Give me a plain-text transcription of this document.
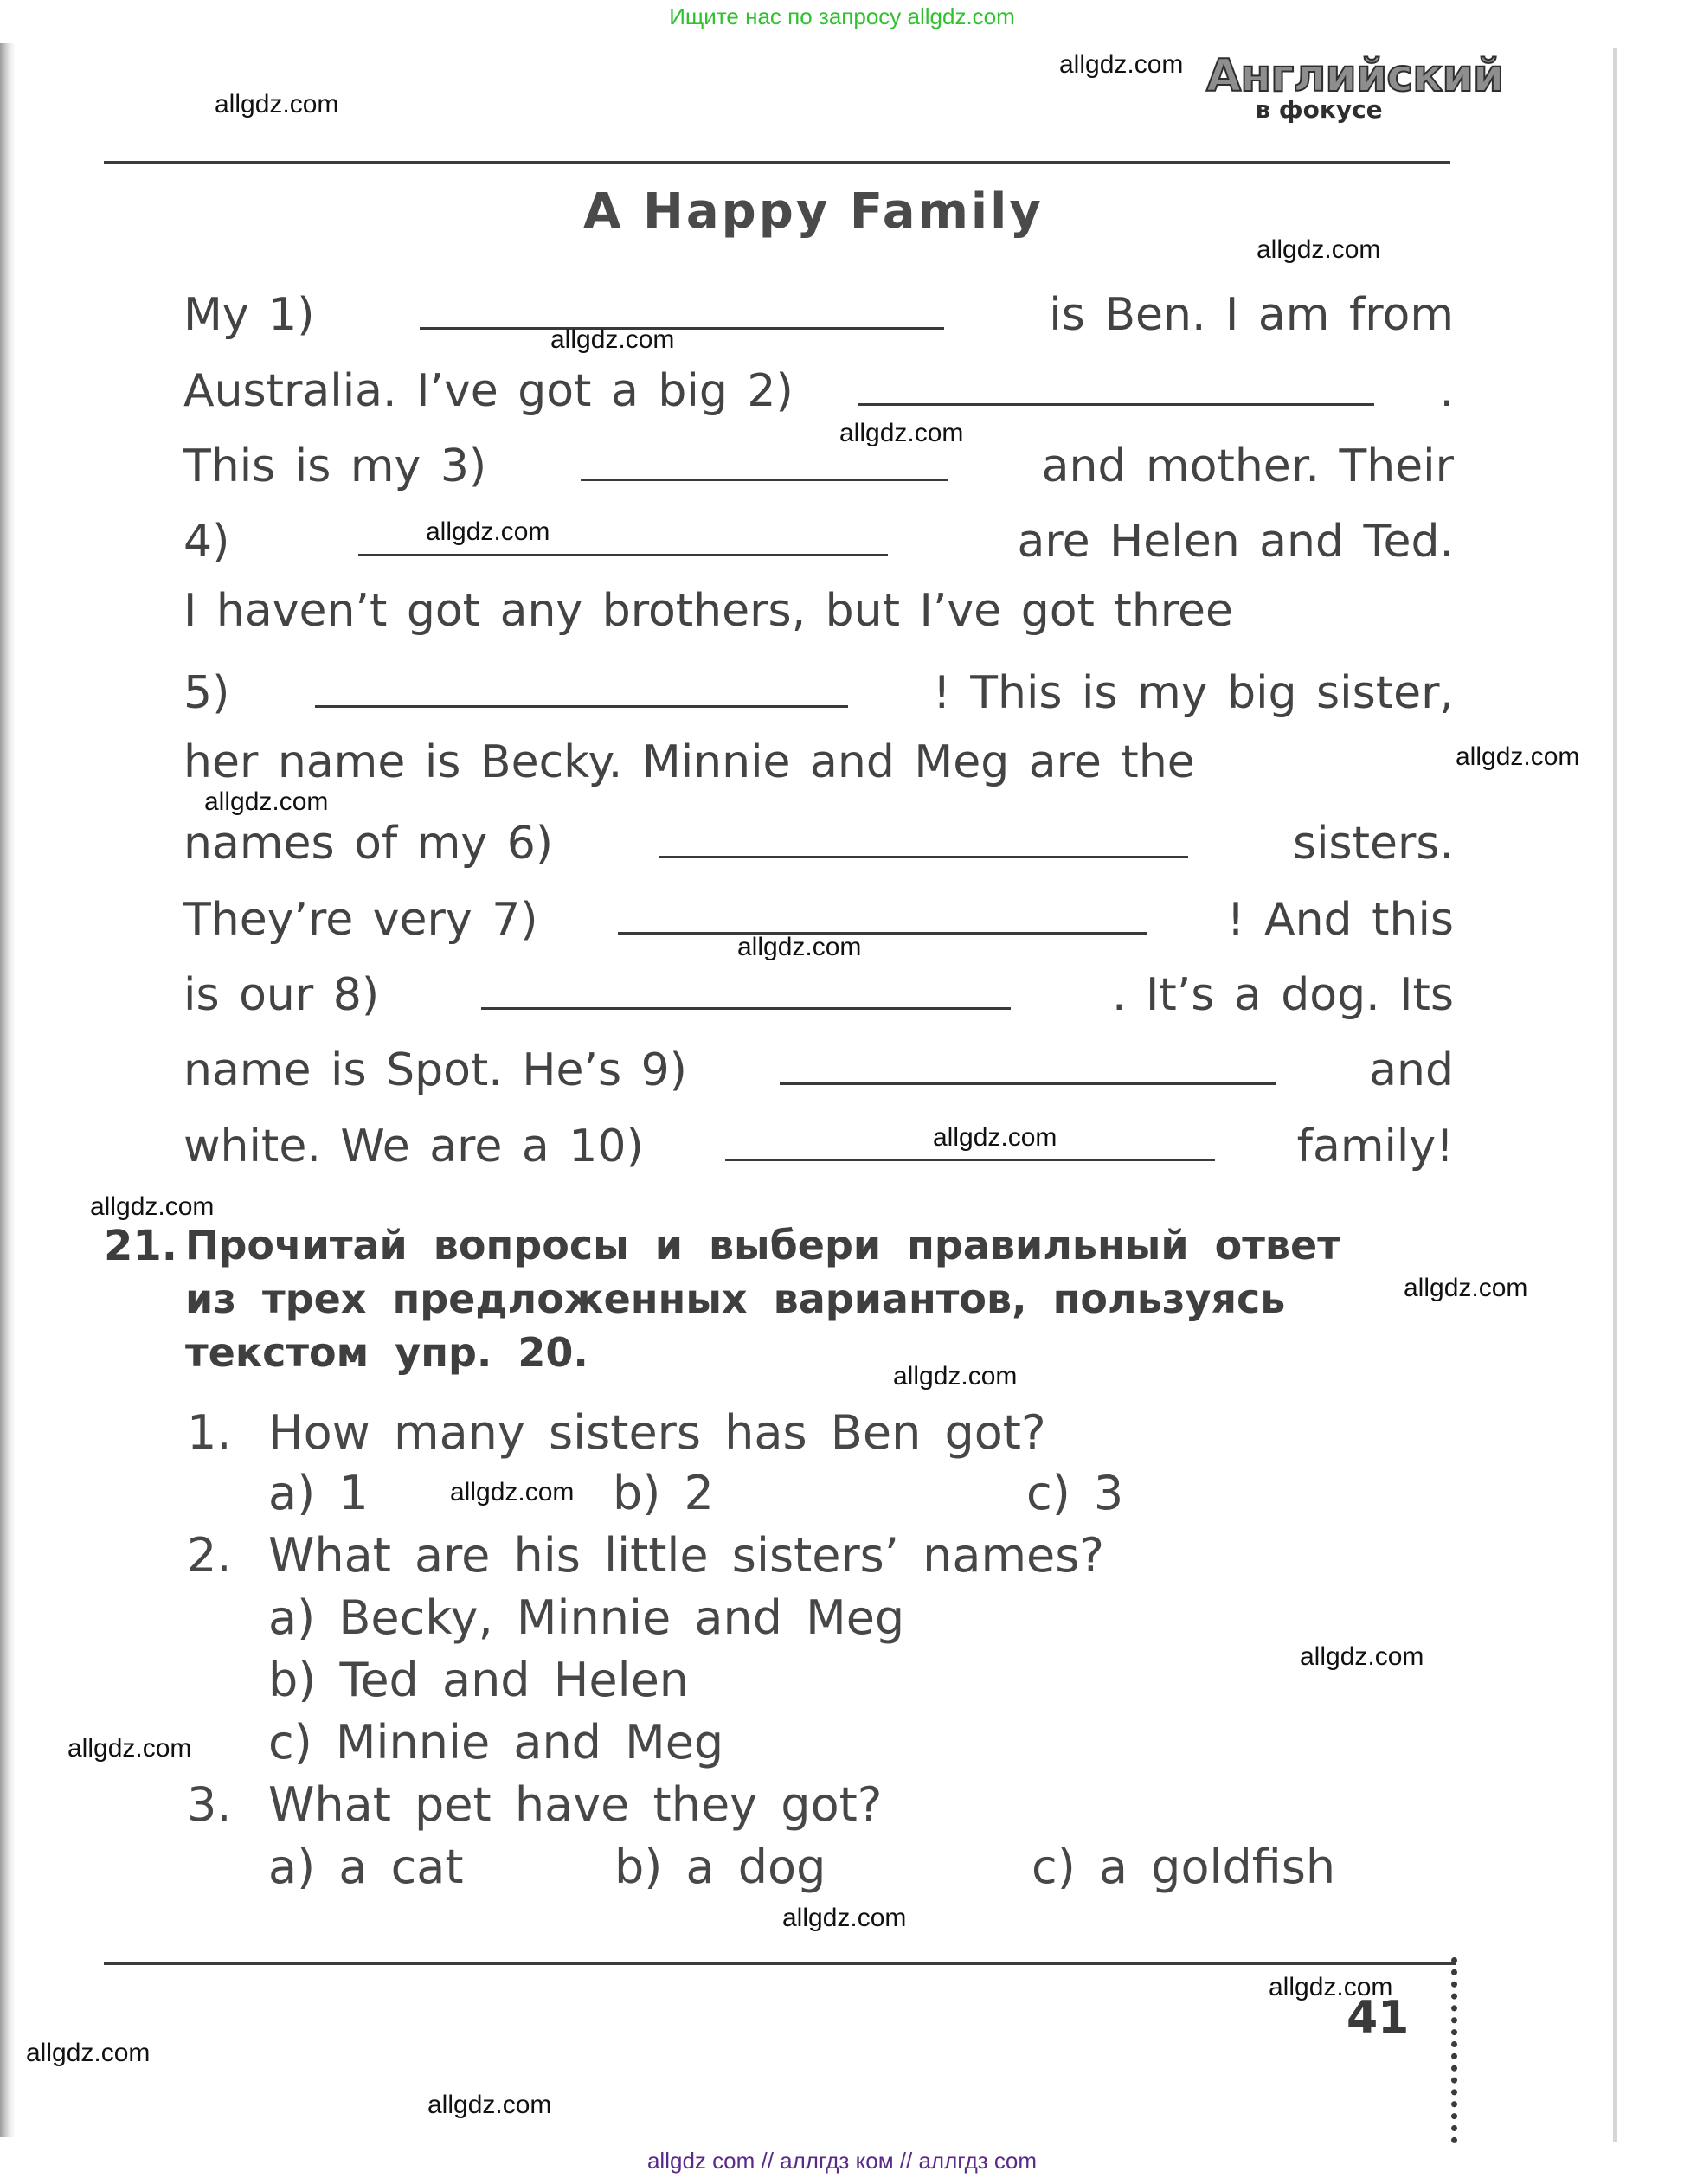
Ищите нас по запросу allgdz.com
Английский
в фокусе
A Happy Family
My 1)	is Ben. I am from
Australia. I’ve got a big 2)	.
This is my 3)	and mother. Their
4)	are Helen and Ted.
I haven’t got any brothers, but I’ve got three
5)	! This is my big sister,
her name is Becky. Minnie and Meg are the
names of my 6)	sisters.
They’re very 7)	! And this
is our 8)	. It’s a dog. Its
name is Spot. He’s 9)	and
white. We are a 10)	family!
21. Прочитай вопросы и выбери правильный ответ
из трех предложенных вариантов, пользуясь
текстом упр. 20.
1. How many sisters has Ben got?
a) 1	b) 2	c) 3
2. What are his little sisters’ names?
a) Becky, Minnie and Meg
b) Ted and Helen
c) Minnie and Meg
3. What pet have they got?
a) a cat	b) a dog	c) a goldfish
41
allgdz.com
allgdz.com
allgdz.com
allgdz.com
allgdz.com
allgdz.com
allgdz.com
allgdz.com
allgdz.com
allgdz.com
allgdz.com
allgdz.com
allgdz.com
allgdz.com
allgdz.com
allgdz.com
allgdz.com
allgdz.com
allgdz.com
allgdz.com
allgdz com // аллгдз ком // аллгдз com
